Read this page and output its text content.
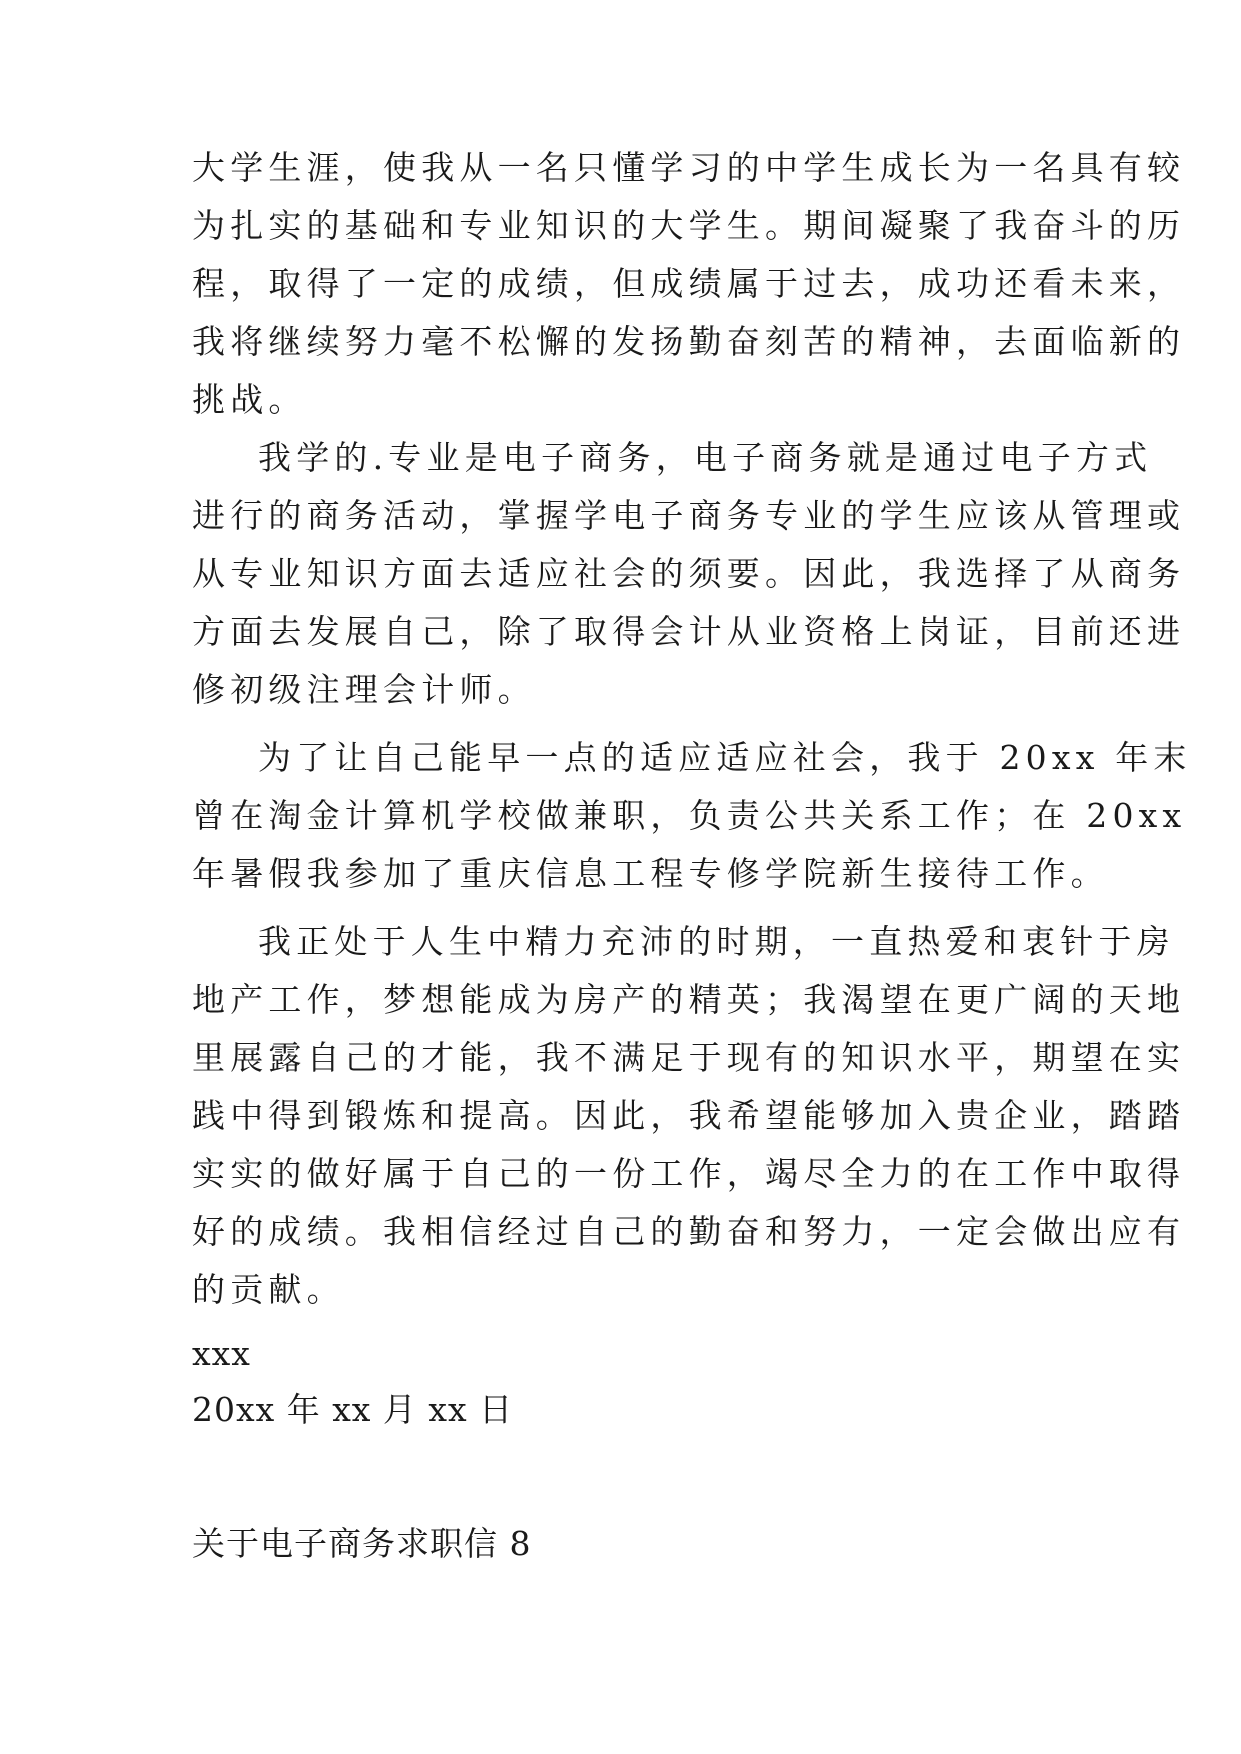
大学生涯，使我从一名只懂学习的中学生成长为一名具有较
为扎实的基础和专业知识的大学生。期间凝聚了我奋斗的历
程，取得了一定的成绩，但成绩属于过去，成功还看未来，
我将继续努力毫不松懈的发扬勤奋刻苦的精神，去面临新的
挑战。
我学的.专业是电子商务，电子商务就是通过电子方式
进行的商务活动，掌握学电子商务专业的学生应该从管理或
从专业知识方面去适应社会的须要。因此，我选择了从商务
方面去发展自己，除了取得会计从业资格上岗证，目前还进
修初级注理会计师。
为了让自己能早一点的适应适应社会，我于 20xx 年末
曾在淘金计算机学校做兼职，负责公共关系工作；在 20xx
年暑假我参加了重庆信息工程专修学院新生接待工作。
我正处于人生中精力充沛的时期，一直热爱和衷针于房
地产工作，梦想能成为房产的精英；我渴望在更广阔的天地
里展露自己的才能，我不满足于现有的知识水平，期望在实
践中得到锻炼和提高。因此，我希望能够加入贵企业，踏踏
实实的做好属于自己的一份工作，竭尽全力的在工作中取得
好的成绩。我相信经过自己的勤奋和努力，一定会做出应有
的贡献。
xxx
20xx 年 xx 月 xx 日
关于电子商务求职信 8
